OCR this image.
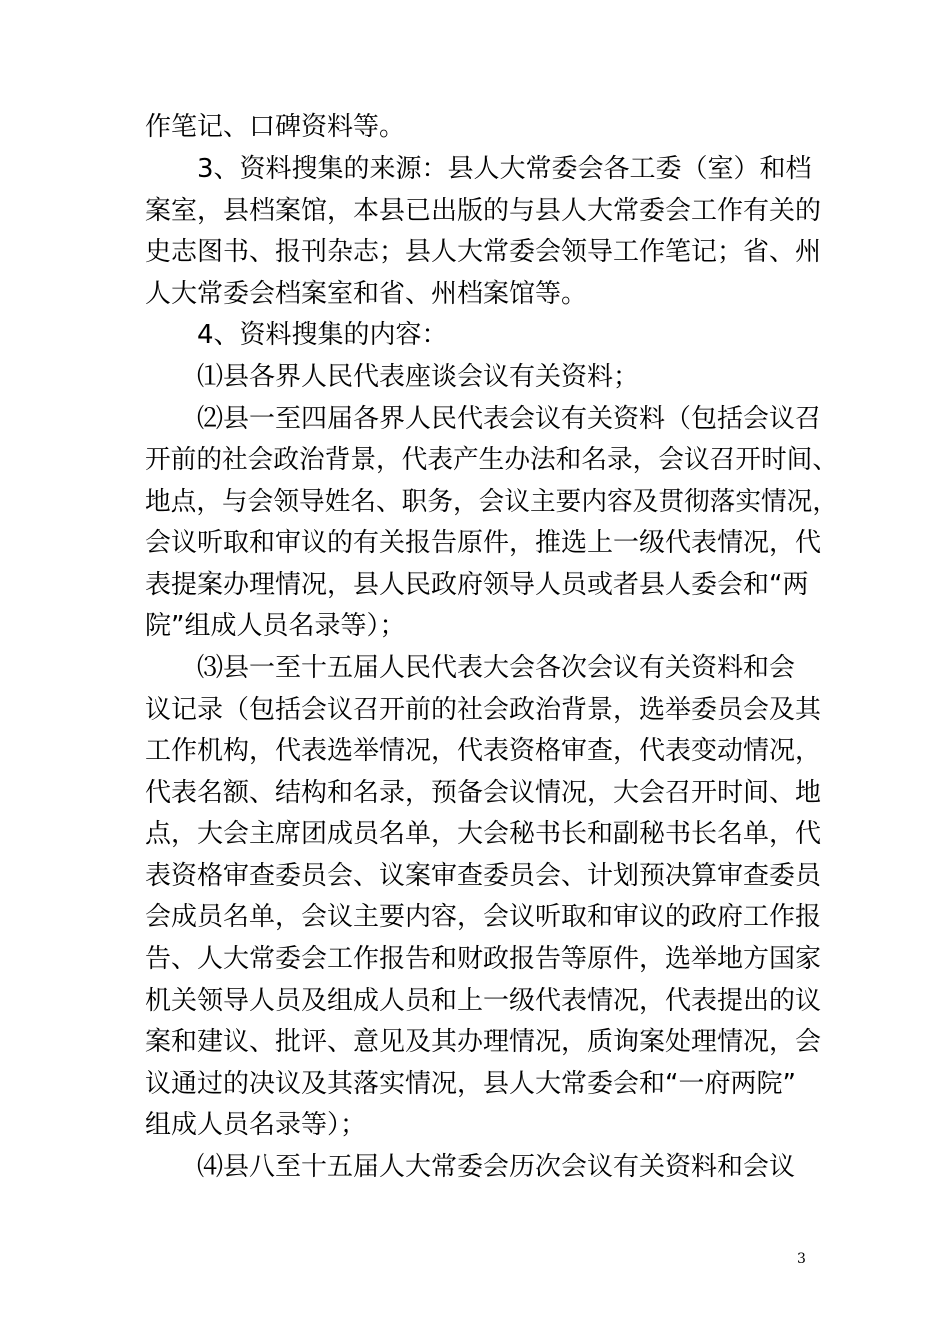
作笔记、口碑资料等。
3、资料搜集的来源：县人大常委会各工委（室）和档
案室，县档案馆，本县已出版的与县人大常委会工作有关的
史志图书、报刊杂志；县人大常委会领导工作笔记；省、州
人大常委会档案室和省、州档案馆等。
4、资料搜集的内容：
⑴县各界人民代表座谈会议有关资料；
⑵县一至四届各界人民代表会议有关资料（包括会议召
开前的社会政治背景，代表产生办法和名录，会议召开时间、
地点，与会领导姓名、职务，会议主要内容及贯彻落实情况，
会议听取和审议的有关报告原件，推选上一级代表情况，代
表提案办理情况，县人民政府领导人员或者县人委会和“两
院”组成人员名录等）；
⑶县一至十五届人民代表大会各次会议有关资料和会
议记录（包括会议召开前的社会政治背景，选举委员会及其
工作机构，代表选举情况，代表资格审查，代表变动情况，
代表名额、结构和名录，预备会议情况，大会召开时间、地
点，大会主席团成员名单，大会秘书长和副秘书长名单，代
表资格审查委员会、议案审查委员会、计划预决算审查委员
会成员名单，会议主要内容，会议听取和审议的政府工作报
告、人大常委会工作报告和财政报告等原件，选举地方国家
机关领导人员及组成人员和上一级代表情况，代表提出的议
案和建议、批评、意见及其办理情况，质询案处理情况，会
议通过的决议及其落实情况，县人大常委会和“一府两院”
组成人员名录等）；
⑷县八至十五届人大常委会历次会议有关资料和会议
3
